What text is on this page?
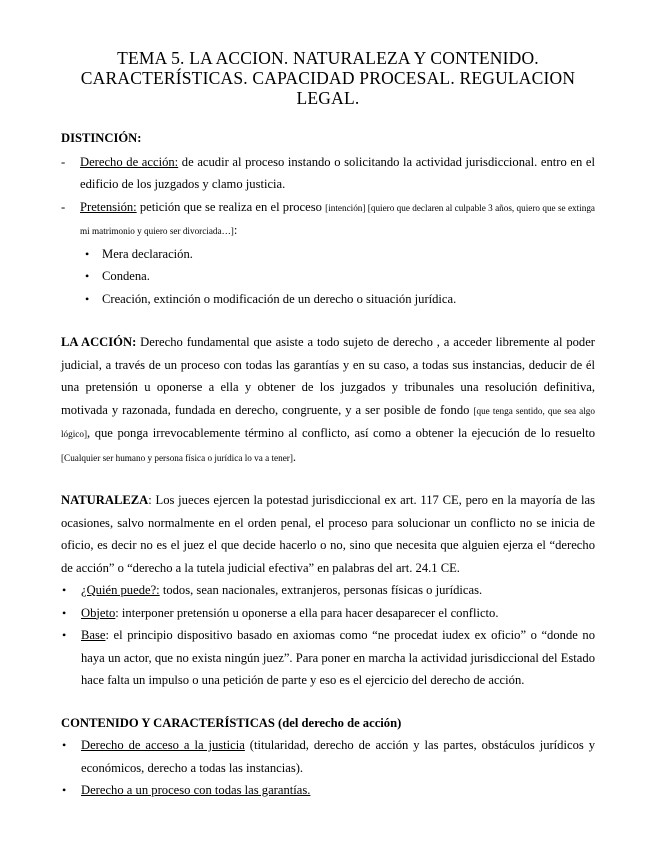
TEMA 5. LA ACCION. NATURALEZA Y CONTENIDO. CARACTERÍSTICAS. CAPACIDAD PROCESAL. REGULACION LEGAL.

DISTINCIÓN:

- Derecho de acción: de acudir al proceso instando o solicitando la actividad jurisdiccional. entro en el edificio de los juzgados y clamo justicia.
- Pretensión: petición que se realiza en el proceso [intención] [quiero que declaren al culpable 3 años, quiero que se extinga mi matrimonio y quiero ser divorciada…]:
• Mera declaración.
• Condena.
• Creación, extinción o modificación de un derecho o situación jurídica.

LA ACCIÓN: Derecho fundamental que asiste a todo sujeto de derecho , a acceder libremente al poder judicial, a través de un proceso con todas las garantías y en su caso, a todas sus instancias, deducir de él una pretensión u oponerse a ella y obtener de los juzgados y tribunales una resolución definitiva, motivada y razonada, fundada en derecho, congruente, y a ser posible de fondo [que tenga sentido, que sea algo lógico], que ponga irrevocablemente término al conflicto, así como a obtener la ejecución de lo resuelto [Cualquier ser humano y persona física o jurídica lo va a tener].

NATURALEZA: Los jueces ejercen la potestad jurisdiccional ex art. 117 CE, pero en la mayoría de las ocasiones, salvo normalmente en el orden penal, el proceso para solucionar un conflicto no se inicia de oficio, es decir no es el juez el que decide hacerlo o no, sino que necesita que alguien ejerza el “derecho de acción” o “derecho a la tutela judicial efectiva” en palabras del art. 24.1 CE.

• ¿Quién puede?: todos, sean nacionales, extranjeros, personas físicas o jurídicas.
• Objeto: interponer pretensión u oponerse a ella para hacer desaparecer el conflicto.
• Base: el principio dispositivo basado en axiomas como “ne procedat iudex ex oficio” o “donde no haya un actor, que no exista ningún juez”. Para poner en marcha la actividad jurisdiccional del Estado hace falta un impulso o una petición de parte y eso es el ejercicio del derecho de acción.

CONTENIDO Y CARACTERÍSTICAS (del derecho de acción)

• Derecho de acceso a la justicia (titularidad, derecho de acción y las partes, obstáculos jurídicos y económicos, derecho a todas las instancias).
• Derecho a un proceso con todas las garantías.
